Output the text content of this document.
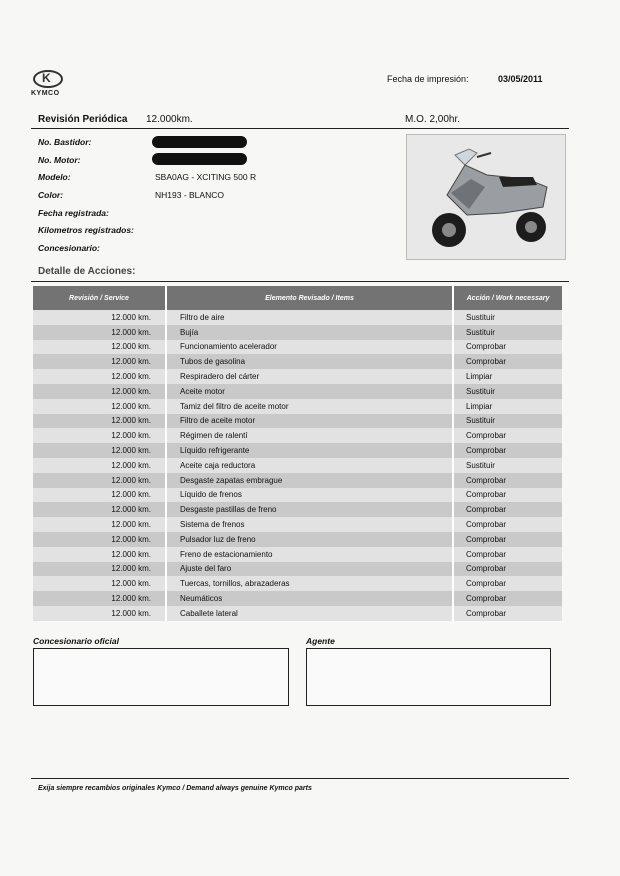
K
KYMCO
Fecha de impresión:	03/05/2011
Revisión Periódica 12.000km.	M.O. 2,00hr.
No. Bastidor:
No. Motor:
Modelo:	SBA0AG - XCITING 500 R
Color:	NH193 - BLANCO
Fecha registrada:
Kilometros registrados:
Concesionario:
Detalle de Acciones:
Revisión / Service	Elemento Revisado / Items	Acción / Work necessary
12.000 km.	Filtro de aire	Sustituir
12.000 km.	Bujía	Sustituir
12.000 km.	Funcionamiento acelerador	Comprobar
12.000 km.	Tubos de gasolina	Comprobar
12.000 km.	Respiradero del cárter	Limpiar
12.000 km.	Aceite motor	Sustituir
12.000 km.	Tamiz del filtro de aceite motor	Limpiar
12.000 km.	Filtro de aceite motor	Sustituir
12.000 km.	Régimen de ralentí	Comprobar
12.000 km.	Líquido refrigerante	Comprobar
12.000 km.	Aceite caja reductora	Sustituir
12.000 km.	Desgaste zapatas embrague	Comprobar
12.000 km.	Líquido de frenos	Comprobar
12.000 km.	Desgaste pastillas de freno	Comprobar
12.000 km.	Sistema de frenos	Comprobar
12.000 km.	Pulsador luz de freno	Comprobar
12.000 km.	Freno de estacionamiento	Comprobar
12.000 km.	Ajuste del faro	Comprobar
12.000 km.	Tuercas, tornillos, abrazaderas	Comprobar
12.000 km.	Neumáticos	Comprobar
12.000 km.	Caballete lateral	Comprobar
Concesionario oficial	Agente
Exija siempre recambios originales Kymco / Demand always genuine Kymco parts
